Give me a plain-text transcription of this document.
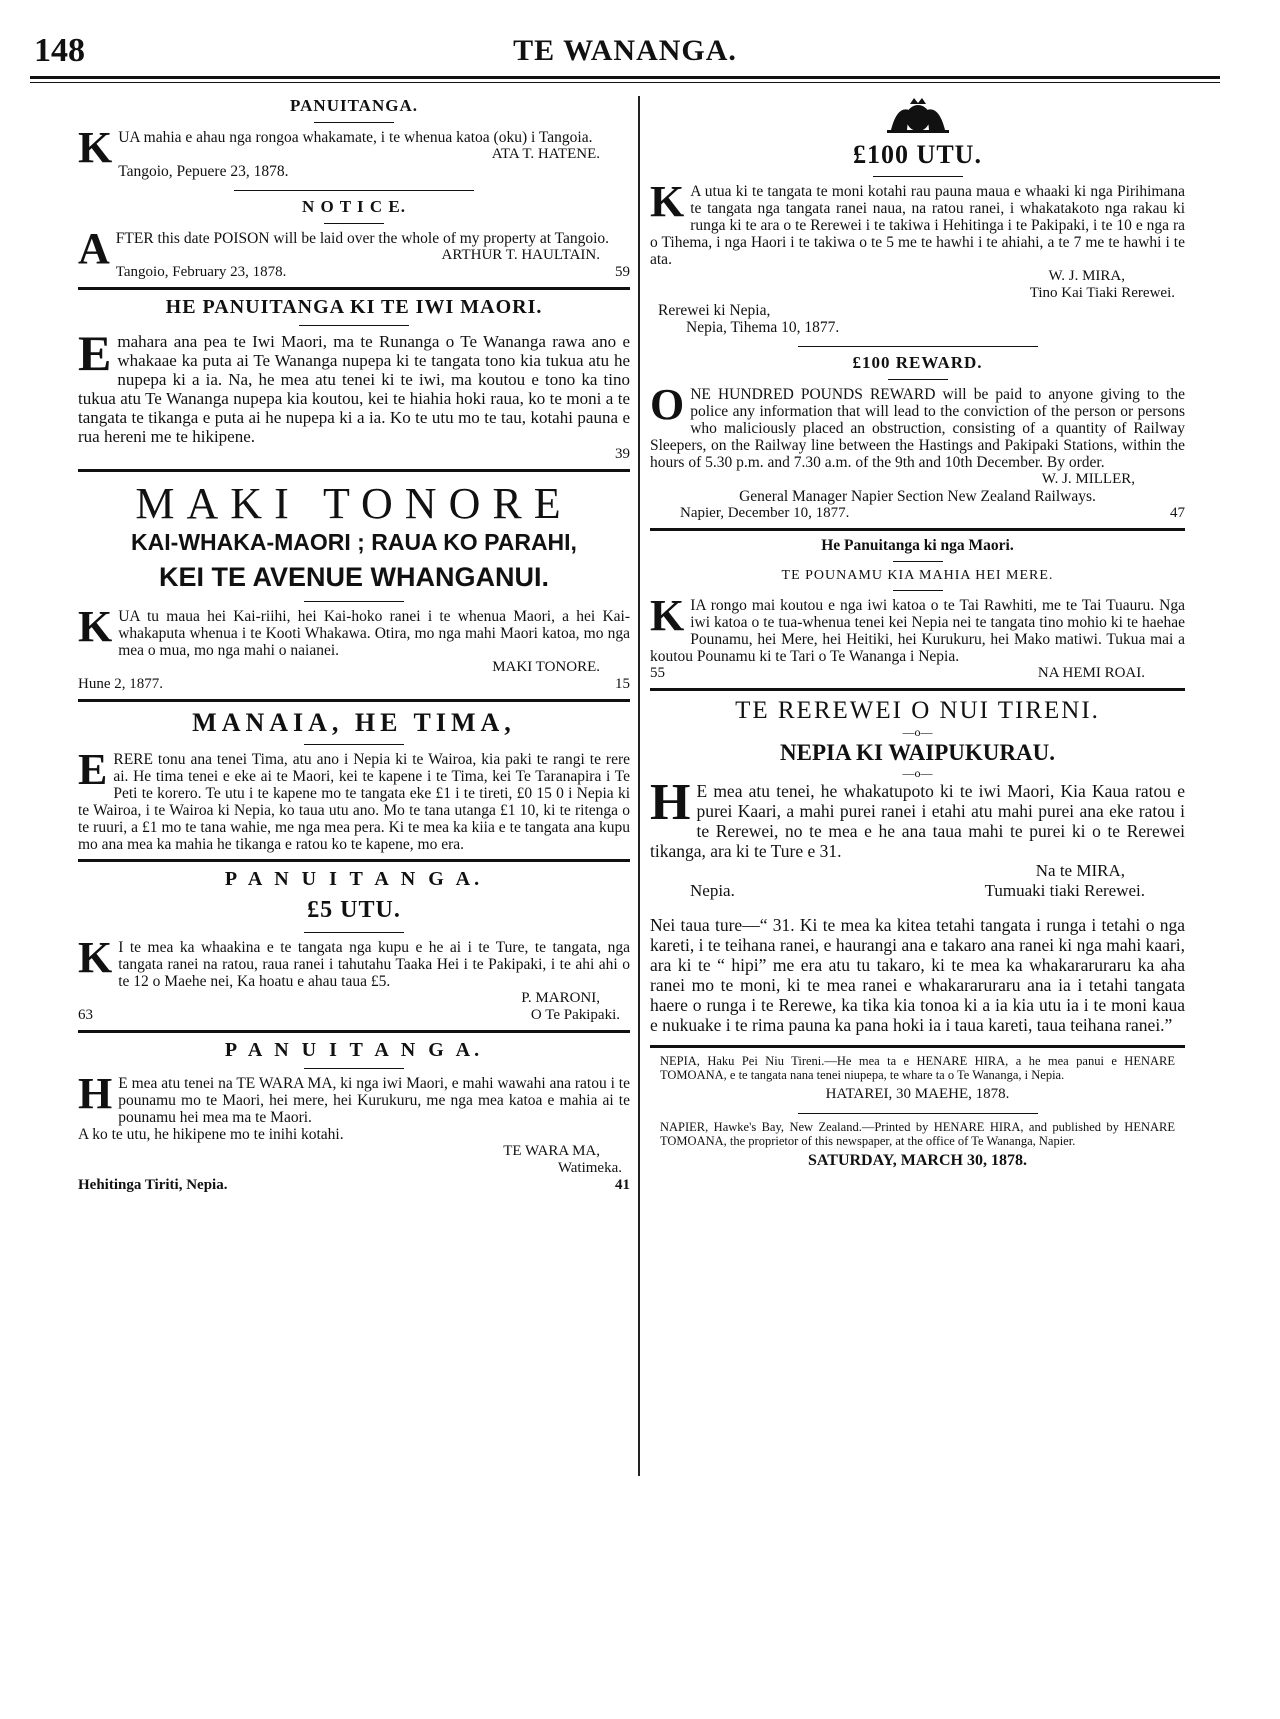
148	TE WANANGA.
PANUITANGA.

KUA mahia e ahau nga rongoa whakamate, i te whenua katoa (oku) i Tangoia.

ATA T. HATENE.

Tangoio, Pepuere 23, 1878.

N O T I C E.

AFTER this date POISON will be laid over the whole of my property at Tangoio.

ARTHUR T. HAULTAIN.
Tangoio, February 23, 1878.	59
HE PANUITANGA KI TE IWI MAORI.

Emahara ana pea te Iwi Maori, ma te Runanga o Te Wananga rawa ano e whakaae ka puta ai Te Wananga nupepa ki te tangata tono kia tukua atu he nupepa ki a ia. Na, he mea atu tenei ki te iwi, ma koutou e tono ka tino tukua atu Te Wananga nupepa kia koutou, kei te hiahia hoki raua, ko te moni a te tangata te tikanga e puta ai he nupepa ki a ia. Ko te utu mo te tau, kotahi pauna e rua hereni me te hikipene.

39
MAKI TONORE
KAI-WHAKA-MAORI ; RAUA KO PARAHI,
KEI TE AVENUE WHANGANUI.

KUA tu maua hei Kai-riihi, hei Kai-hoko ranei i te whenua Maori, a hei Kai-whakaputa whenua i te Kooti Whakawa. Otira, mo nga mahi Maori katoa, mo nga mea o mua, mo nga mahi o naianei.

MAKI TONORE.
Hune 2, 1877.	15
MANAIA, HE TIMA,

ERERE tonu ana tenei Tima, atu ano i Nepia ki te Wairoa, kia paki te rangi te rere ai. He tima tenei e eke ai te Maori, kei te kapene i te Tima, kei Te Taranapira i Te Peti te korero. Te utu i te kapene mo te tangata eke £1 i te tireti, £0 15 0 i Nepia ki te Wairoa, i te Wairoa ki Nepia, ko taua utu ano. Mo te tana utanga £1 10, ki te ritenga o te ruuri, a £1 mo te tana wahie, me nga mea pera. Ki te mea ka kiia e te tangata ana kupu mo ana mea ka mahia he tikanga e ratou ko te kapene, mo era.

P A N U I T A N G A.
£5 UTU.

K I te mea ka whaakina e te tangata nga kupu e he ai i te Ture, te tangata, nga tangata ranei na ratou, raua ranei i tahutahu Taaka Hei i te Pakipaki, i te ahi ahi o te 12 o Maehe nei, Ka hoatu e ahau taua £5.

P. MARONI,
63	O Te Pakipaki.
P A N U I T A N G A.

H E mea atu tenei na TE WARA MA, ki nga iwi Maori, e mahi wawahi ana ratou i te pounamu mo te Maori, hei mere, hei Kurukuru, me nga mea katoa e mahia ai te pounamu hei mea ma te Maori.

A ko te utu, he hikipene mo te inihi kotahi.

TE WARA MA,
Watimeka.
Hehitinga Tiriti, Nepia.	41
£100 UTU.

K A utua ki te tangata te moni kotahi rau pauna maua e whaaki ki nga Pirihimana te tangata nga tangata ranei naua, na ratou ranei, i whakatakoto nga rakau ki runga ki te ara o te Rerewei i te takiwa i Hehitinga i te Pakipaki, i te 10 e nga ra o Tihema, i nga Haori i te takiwa o te 5 me te hawhi i te ahiahi, a te 7 me te hawhi i te ata.

W. J. MIRA,
Tino Kai Tiaki Rerewei.

Rerewei ki Nepia,

Nepia, Tihema 10, 1877.

£100 REWARD.

ONE HUNDRED POUNDS REWARD will be paid to anyone giving to the police any information that will lead to the conviction of the person or persons who maliciously placed an obstruction, consisting of a quantity of Railway Sleepers, on the Railway line between the Hastings and Pakipaki Stations, within the hours of 5.30 p.m. and 7.30 a.m. of the 9th and 10th December. By order.

W. J. MILLER,

General Manager Napier Section New Zealand Railways.

Napier, December 10, 1877.	47
He Panuitanga ki nga Maori.
TE POUNAMU KIA MAHIA HEI MERE.

KIA rongo mai koutou e nga iwi katoa o te Tai Rawhiti, me te Tai Tuauru. Nga iwi katoa o te tua-whenua tenei kei Nepia nei te tangata tino mohio ki te haehae Pounamu, hei Mere, hei Heitiki, hei Kurukuru, hei Mako matiwi. Tukua mai a koutou Pounamu ki te Tari o Te Wananga i Nepia.

55	NA HEMI ROAI.
TE REREWEI O NUI TIRENI.
—o—
NEPIA KI WAIPUKURAU.
—o—

H E mea atu tenei, he whakatupoto ki te iwi Maori, Kia Kaua ratou e purei Kaari, a mahi purei ranei i etahi atu mahi purei ana eke ratou i te Rerewei, no te mea e he ana taua mahi te purei ki o te Rerewei tikanga, ara ki te Ture e 31.

Na te MIRA,
Nepia.	Tumuaki tiaki Rerewei.

Nei taua ture—“ 31. Ki te mea ka kitea tetahi tangata i runga i tetahi o nga kareti, i te teihana ranei, e haurangi ana e takaro ana ranei ki nga mahi kaari, ara ki te “ hipi” me era atu tu takaro, ki te mea ka whakararuraru ka aha ranei mo te moni, ki te mea ranei e whakararuraru ana ia i tetahi tangata haere o runga i te Rerewe, ka tika kia tonoa ki a ia kia utu ia i te moni kaua e nukuake i te rima pauna ka pana hoki ia i taua kareti, taua teihana ranei.”

NEPIA, Haku Pei Niu Tireni.—He mea ta e HENARE HIRA, a he mea panui e HENARE TOMOANA, e te tangata nana tenei niupepa, te whare ta o Te Wananga, i Nepia.

HATAREI, 30 MAEHE, 1878.

NAPIER, Hawke's Bay, New Zealand.—Printed by HENARE HIRA, and published by HENARE TOMOANA, the proprietor of this newspaper, at the office of Te Wananga, Napier.

SATURDAY, MARCH 30, 1878.
